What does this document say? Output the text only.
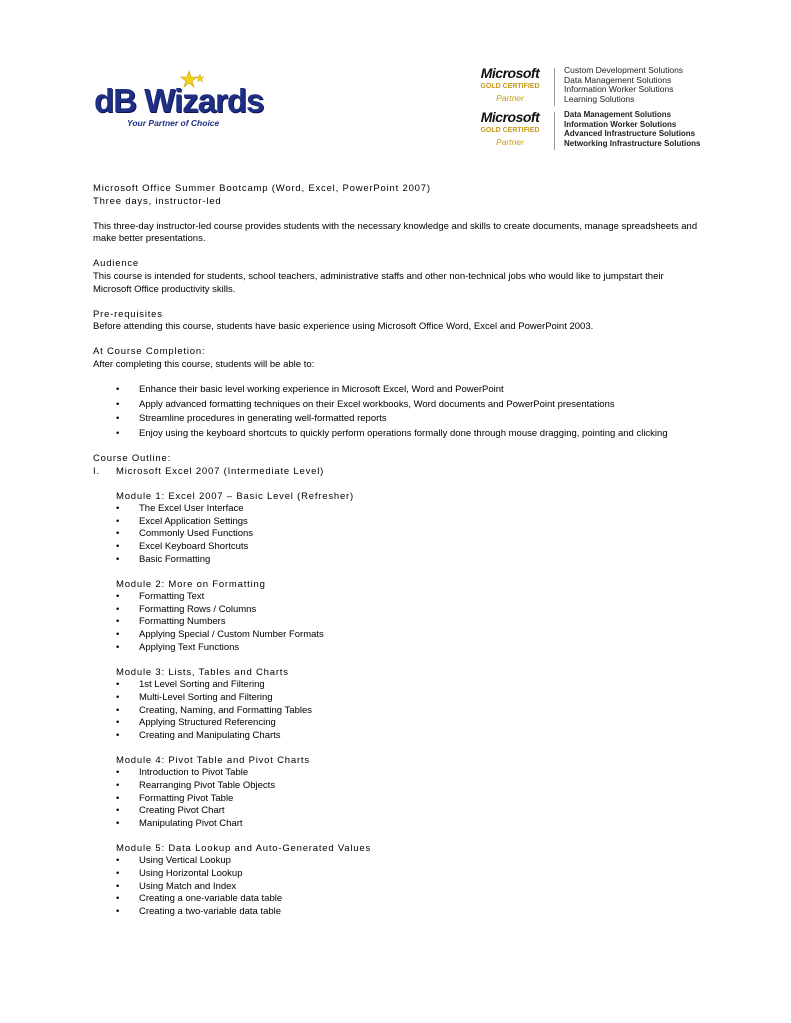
dB Wizards
Your Partner of Choice
Microsoft
GOLD CERTIFIED
Partner
Custom Development Solutions
Data Management Solutions
Information Worker Solutions
Learning Solutions
Microsoft
GOLD CERTIFIED
Partner
Data Management Solutions
Information Worker Solutions
Advanced Infrastructure Solutions
Networking Infrastructure Solutions
Microsoft Office Summer Bootcamp (Word, Excel, PowerPoint 2007)
Three days, instructor-led
This three-day instructor-led course provides students with the necessary knowledge and skills to create documents, manage spreadsheets and make better presentations.
Audience
This course is intended for students, school teachers, administrative staffs and other non-technical jobs who would like to jumpstart their Microsoft Office productivity skills.
Pre-requisites
Before attending this course, students have basic experience using Microsoft Office Word, Excel and PowerPoint 2003.
At Course Completion:
After completing this course, students will be able to:
• Enhance their basic level working experience in Microsoft Excel, Word and PowerPoint
• Apply advanced formatting techniques on their Excel workbooks, Word documents and PowerPoint presentations
• Streamline procedures in generating well-formatted reports
• Enjoy using the keyboard shortcuts to quickly perform operations formally done through mouse dragging, pointing and clicking
Course Outline:
I.	Microsoft Excel 2007 (Intermediate Level)
Module 1: Excel 2007 – Basic Level (Refresher)
• The Excel User Interface
• Excel Application Settings
• Commonly Used Functions
• Excel Keyboard Shortcuts
• Basic Formatting
Module 2: More on Formatting
• Formatting Text
• Formatting Rows / Columns
• Formatting Numbers
• Applying Special / Custom Number Formats
• Applying Text Functions
Module 3: Lists, Tables and Charts
• 1st Level Sorting and Filtering
• Multi-Level Sorting and Filtering
• Creating, Naming, and Formatting Tables
• Applying Structured Referencing
• Creating and Manipulating Charts
Module 4: Pivot Table and Pivot Charts
• Introduction to Pivot Table
• Rearranging Pivot Table Objects
• Formatting Pivot Table
• Creating Pivot Chart
• Manipulating Pivot Chart
Module 5: Data Lookup and Auto-Generated Values
• Using Vertical Lookup
• Using Horizontal Lookup
• Using Match and Index
• Creating a one-variable data table
• Creating a two-variable data table
